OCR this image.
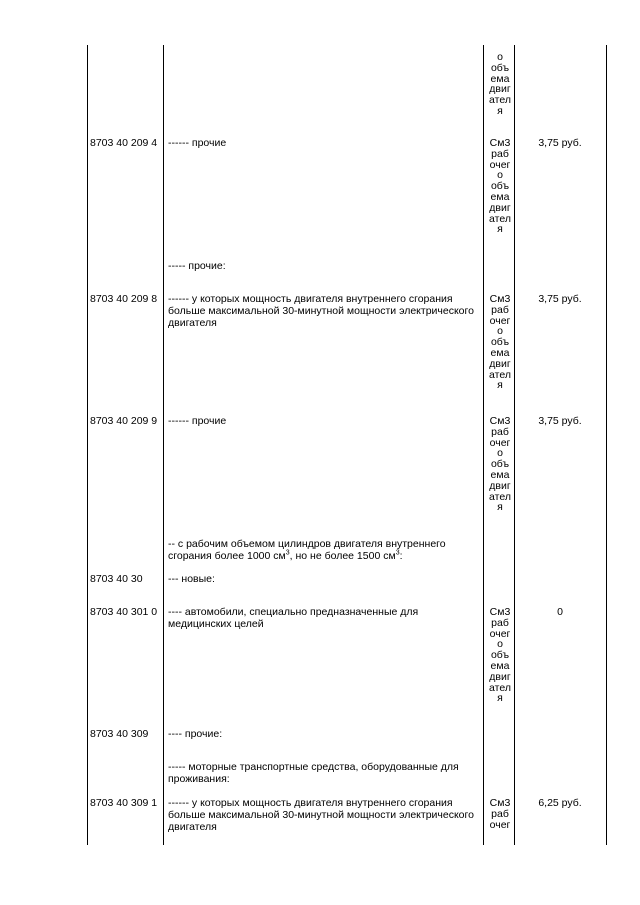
о
объ
ема
двиг
ател
я
8703 40 209 4 ------ прочие	См3
раб
очег
о
объ
ема
двиг
ател
я
3,75 руб.
----- прочие:
8703 40 209 8 ------ у которых мощность двигателя внутреннего сгорания больше максимальной 30-минутной мощности электрического двигателя
См3
раб
очег
о
объ
ема
двиг
ател
я
3,75 руб.
8703 40 209 9 ------ прочие	См3
раб
очег
о
объ
ема
двиг
ател
я
3,75 руб.
-- с рабочим объемом цилиндров двигателя внутреннего сгорания более 1000 $см^3$, но не более 1500 $см^3$:
8703 40 30 --- новые:
8703 40 301 0 ---- автомобили, специально предназначенные для медицинских целей
См3
раб
очег
о
объ
ема
двиг
ател
я
0
8703 40 309 ---- прочие:
----- моторные транспортные средства, оборудованные для проживания:
8703 40 309 1 ------ у которых мощность двигателя внутреннего сгорания больше максимальной 30-минутной мощности электрического двигателя
См3
раб
очег
6,25 руб.
